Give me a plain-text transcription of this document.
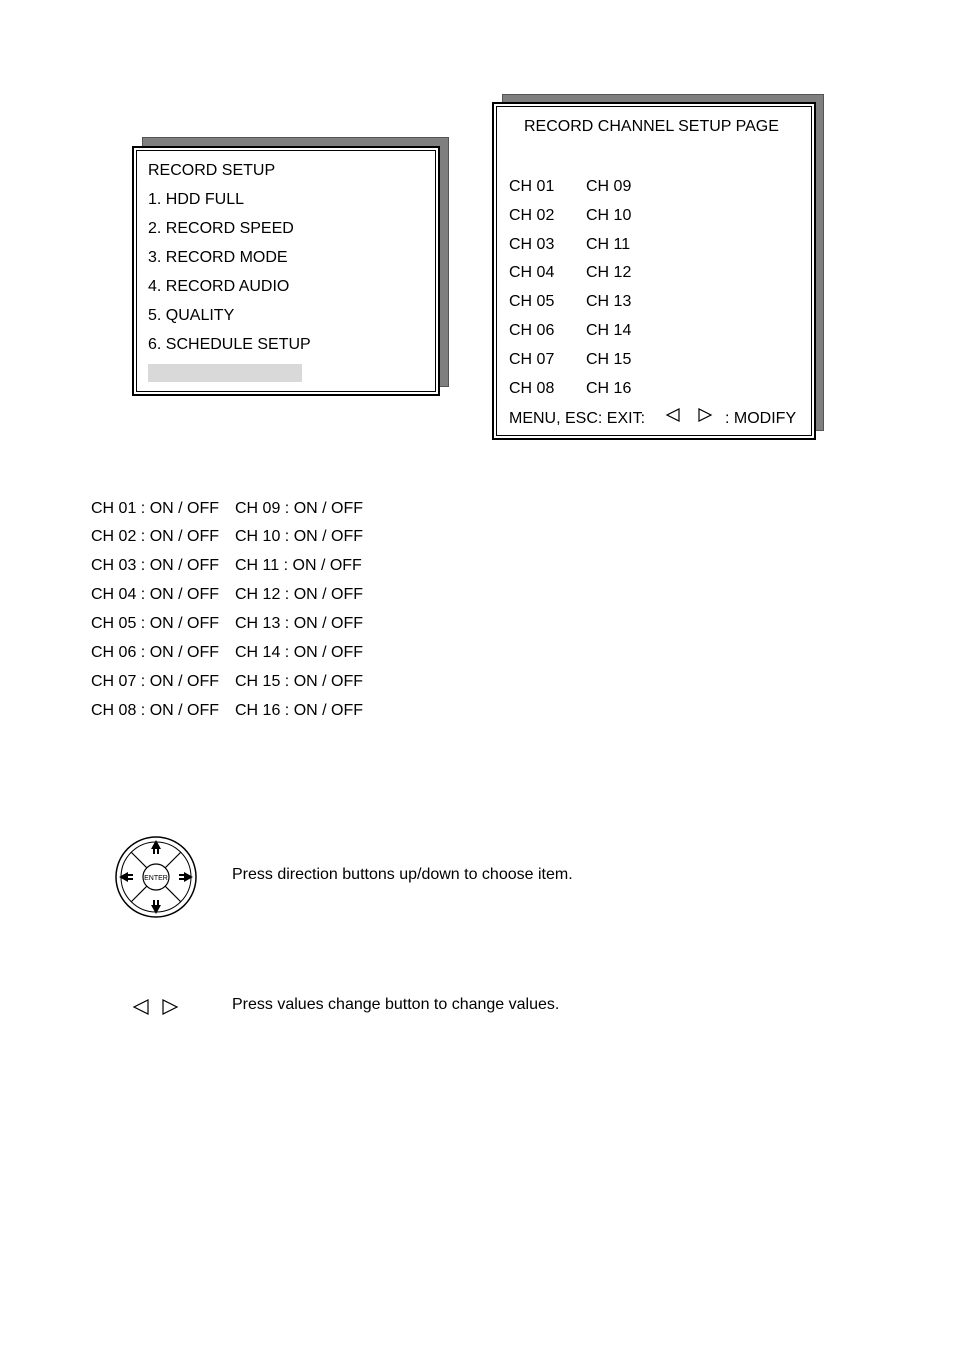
RECORD SETUP
1. HDD FULL
2. RECORD SPEED
3. RECORD MODE
4. RECORD AUDIO
5. QUALITY
6. SCHEDULE SETUP
RECORD CHANNEL SETUP PAGE
CH 01
CH 02
CH 03
CH 04
CH 05
CH 06
CH 07
CH 08
CH 09
CH 10
CH 11
CH 12
CH 13
CH 14
CH 15
CH 16
MENU, ESC: EXIT:	: MODIFY
CH 01 : ON / OFF
CH 02 : ON / OFF
CH 03 : ON / OFF
CH 04 : ON / OFF
CH 05 : ON / OFF
CH 06 : ON / OFF
CH 07 : ON / OFF
CH 08 : ON / OFF
CH 09 : ON / OFF
CH 10 : ON / OFF
CH 11 : ON / OFF
CH 12 : ON / OFF
CH 13 : ON / OFF
CH 14 : ON / OFF
CH 15 : ON / OFF
CH 16 : ON / OFF
ENTER	Press direction buttons up/down to choose item.
Press values change button to change values.
